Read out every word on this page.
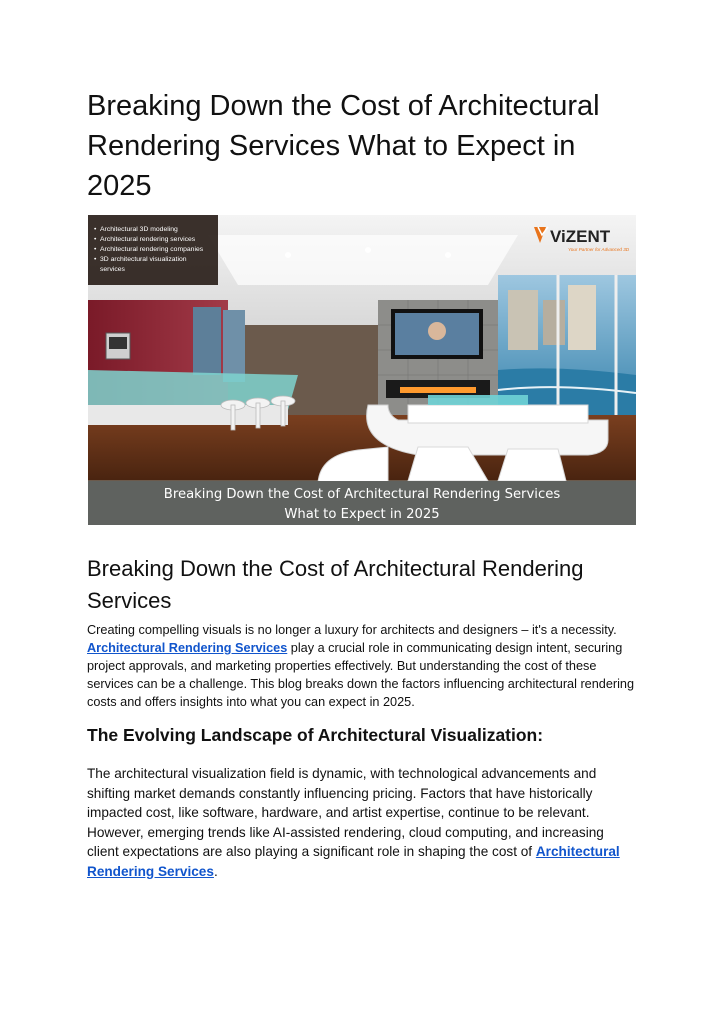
Breaking Down the Cost of Architectural Rendering Services What to Expect in 2025
• Architectural 3D modeling
• Architectural rendering services
• Architectural rendering companies
• 3D architectural visualization
services
ViZENT
Your Partner for Advanced 3D
Breaking Down the Cost of Architectural Rendering Services
What to Expect in 2025
Breaking Down the Cost of Architectural Rendering Services

Creating compelling visuals is no longer a luxury for architects and designers – it's a necessity. Architectural Rendering Services play a crucial role in communicating design intent, securing project approvals, and marketing properties effectively. But understanding the cost of these services can be a challenge. This blog breaks down the factors influencing architectural rendering costs and offers insights into what you can expect in 2025.

The Evolving Landscape of Architectural Visualization:

The architectural visualization field is dynamic, with technological advancements and shifting market demands constantly influencing pricing. Factors that have historically impacted cost, like software, hardware, and artist expertise, continue to be relevant. However, emerging trends like AI-assisted rendering, cloud computing, and increasing client expectations are also playing a significant role in shaping the cost of Architectural Rendering Services.
